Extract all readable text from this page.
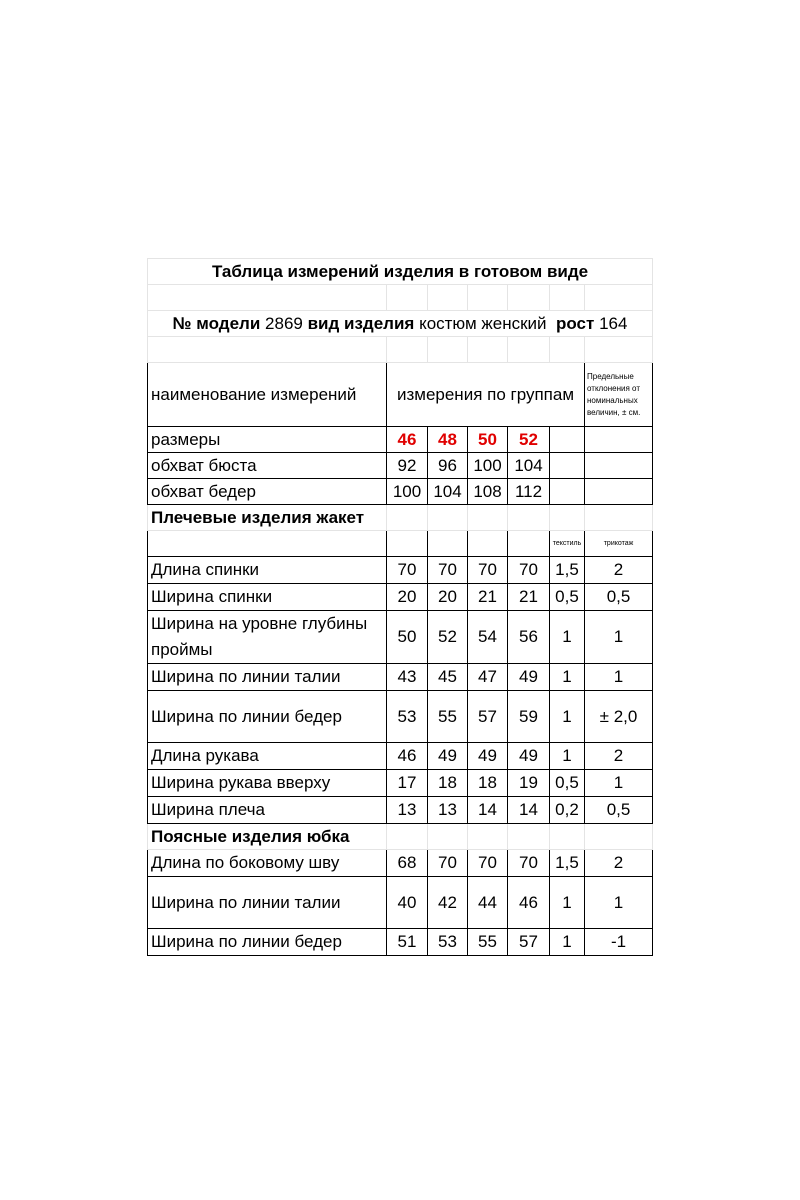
Таблица измерений изделия в готовом виде						

№ модели 2869 вид изделия костюм женский рост 164						

наименование измерений	измерения по группам					Предельные отклонения от номинальных величин, ± см.
размеры	46	48	50	52		
обхват бюста	92	96	100	104		
обхват бедер	100	104	108	112		
Плечевые изделия жакет						
					текстиль	трикотаж
Длина спинки	70	70	70	70	1,5	2
Ширина спинки	20	20	21	21	0,5	0,5
Ширина на уровне глубины проймы	50	52	54	56	1	1
Ширина по линии талии	43	45	47	49	1	1
Ширина по линии бедер	53	55	57	59	1	± 2,0
Длина рукава	46	49	49	49	1	2
Ширина рукава вверху	17	18	18	19	0,5	1
Ширина плеча	13	13	14	14	0,2	0,5
Поясные изделия юбка						
Длина по боковому шву	68	70	70	70	1,5	2
Ширина по линии талии	40	42	44	46	1	1
Ширина по линии бедер	51	53	55	57	1	-1
